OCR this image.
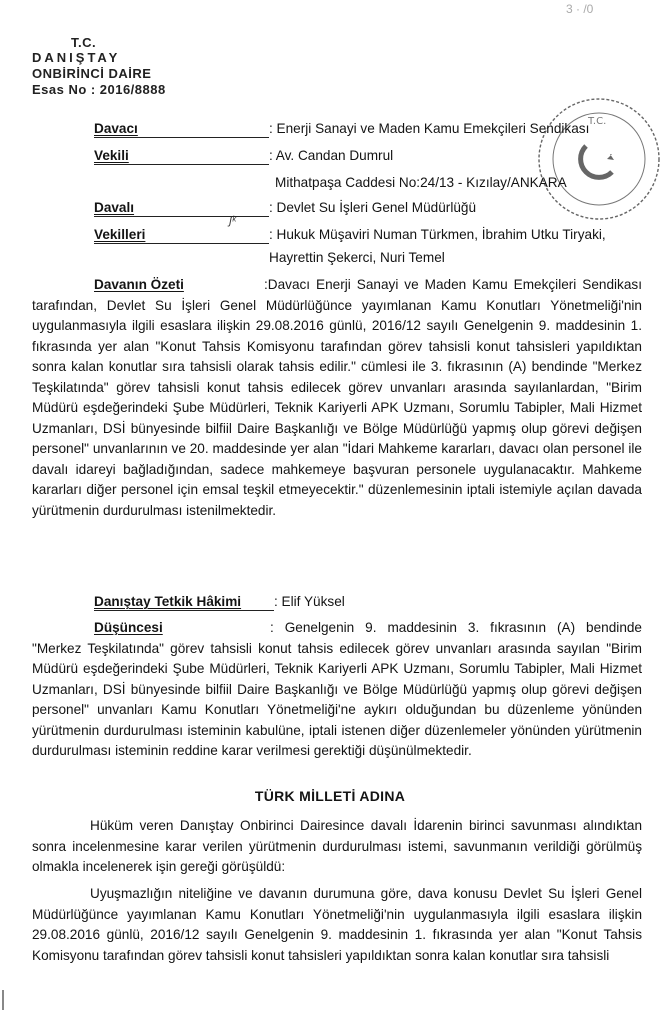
T.C.
DANIŞTAY
ONBİRİNCİ DAİRE
Esas No : 2016/8888
T.C.
3 · /0
ʃᵏ
Davacı	: Enerji Sanayi ve Maden Kamu Emekçileri Sendikası
Vekili	: Av. Candan Dumrul
Mithatpaşa Caddesi No:24/13 - Kızılay/ANKARA
Davalı	: Devlet Su İşleri Genel Müdürlüğü
Vekilleri	: Hukuk Müşaviri Numan Türkmen, İbrahim Utku Tiryaki,
Hayrettin Şekerci, Nuri Temel
Davanın Özeti	:Davacı Enerji Sanayi ve Maden Kamu Emekçileri Sendikası tarafından, Devlet Su İşleri Genel Müdürlüğünce yayımlanan Kamu Konutları Yönetmeliği'nin uygulanmasıyla ilgili esaslara ilişkin 29.08.2016 günlü, 2016/12 sayılı Genelgenin 9. maddesinin 1. fıkrasında yer alan "Konut Tahsis Komisyonu tarafından görev tahsisli konut tahsisleri yapıldıktan sonra kalan konutlar sıra tahsisli olarak tahsis edilir." cümlesi ile 3. fıkrasının (A) bendinde "Merkez Teşkilatında" görev tahsisli konut tahsis edilecek görev unvanları arasında sayılanlardan, "Birim Müdürü eşdeğerindeki Şube Müdürleri, Teknik Kariyerli APK Uzmanı, Sorumlu Tabipler, Mali Hizmet Uzmanları, DSİ bünyesinde bilfiil Daire Başkanlığı ve Bölge Müdürlüğü yapmış olup görevi değişen personel" unvanlarının ve 20. maddesinde yer alan "İdari Mahkeme kararları, davacı olan personel ile davalı idareyi bağladığından, sadece mahkemeye başvuran personele uygulanacaktır. Mahkeme kararları diğer personel için emsal teşkil etmeyecektir." düzenlemesinin iptali istemiyle açılan davada yürütmenin durdurulması istenilmektedir.
Danıştay Tetkik Hâkimi : Elif Yüksel
Düşüncesi	: Genelgenin 9. maddesinin 3. fıkrasının (A) bendinde "Merkez Teşkilatında" görev tahsisli konut tahsis edilecek görev unvanları arasında sayılan "Birim Müdürü eşdeğerindeki Şube Müdürleri, Teknik Kariyerli APK Uzmanı, Sorumlu Tabipler, Mali Hizmet Uzmanları, DSİ bünyesinde bilfiil Daire Başkanlığı ve Bölge Müdürlüğü yapmış olup görevi değişen personel" unvanları Kamu Konutları Yönetmeliği'ne aykırı olduğundan bu düzenleme yönünden yürütmenin durdurulması isteminin kabulüne, iptali istenen diğer düzenlemeler yönünden yürütmenin durdurulması isteminin reddine karar verilmesi gerektiği düşünülmektedir.
TÜRK MİLLETİ ADINA
Hüküm veren Danıştay Onbirinci Dairesince davalı İdarenin birinci savunması alındıktan sonra incelenmesine karar verilen yürütmenin durdurulması istemi, savunmanın verildiği görülmüş olmakla incelenerek işin gereği görüşüldü:
Uyuşmazlığın niteliğine ve davanın durumuna göre, dava konusu Devlet Su İşleri Genel Müdürlüğünce yayımlanan Kamu Konutları Yönetmeliği'nin uygulanmasıyla ilgili esaslara ilişkin 29.08.2016 günlü, 2016/12 sayılı Genelgenin 9. maddesinin 1. fıkrasında yer alan "Konut Tahsis Komisyonu tarafından görev tahsisli konut tahsisleri yapıldıktan sonra kalan konutlar sıra tahsisli
